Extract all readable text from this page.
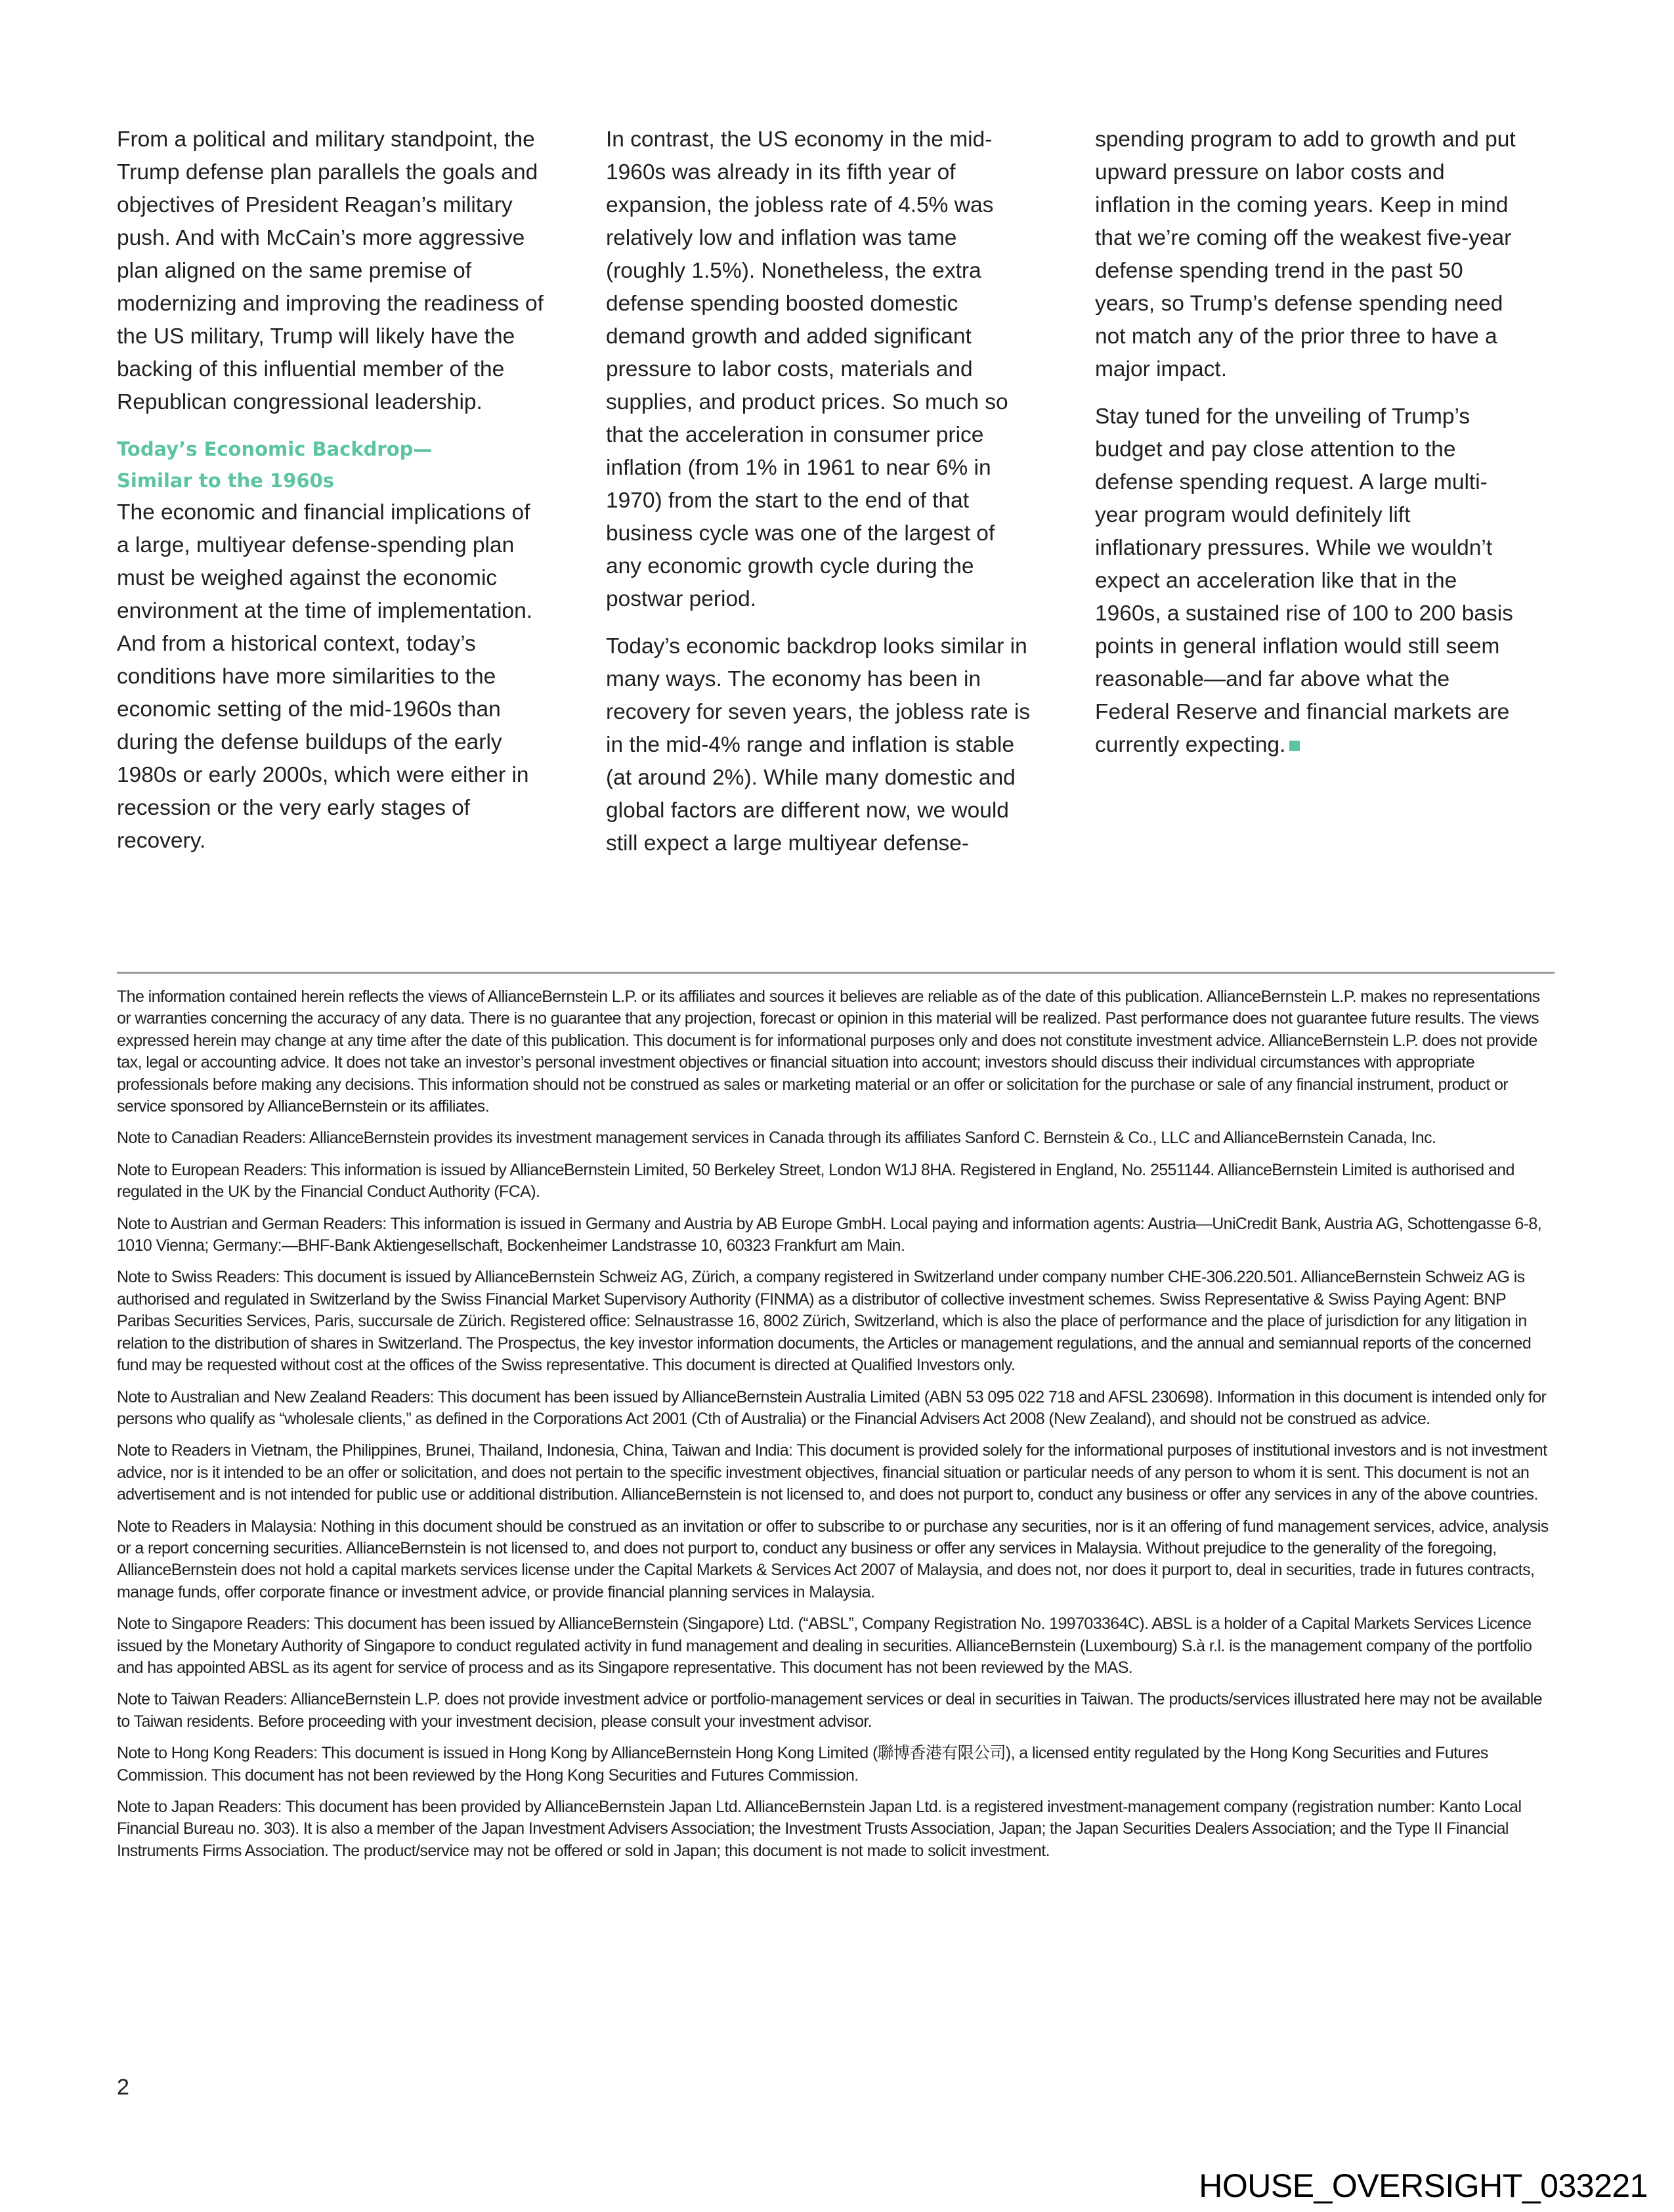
From a political and military standpoint, the Trump defense plan parallels the goals and objectives of President Reagan’s military push. And with McCain’s more aggressive plan aligned on the same premise of modernizing and improving the readiness of the US military, Trump will likely have the backing of this influential member of the Republican congressional leadership.

Today’s Economic Backdrop—
Similar to the 1960s

The economic and financial implications of a large, multiyear defense-spending plan must be weighed against the economic environment at the time of implementation. And from a historical context, today’s conditions have more similarities to the economic setting of the mid-1960s than during the defense buildups of the early 1980s or early 2000s, which were either in recession or the very early stages of recovery.

In contrast, the US economy in the mid-1960s was already in its fifth year of expansion, the jobless rate of 4.5% was relatively low and inflation was tame (roughly 1.5%). Nonetheless, the extra defense spending boosted domestic demand growth and added significant pressure to labor costs, materials and supplies, and product prices. So much so that the acceleration in consumer price inflation (from 1% in 1961 to near 6% in 1970) from the start to the end of that business cycle was one of the largest of any economic growth cycle during the postwar period.

Today’s economic backdrop looks similar in many ways. The economy has been in recovery for seven years, the jobless rate is in the mid-4% range and inflation is stable (at around 2%). While many domestic and global factors are different now, we would still expect a large multiyear defense-

spending program to add to growth and put upward pressure on labor costs and inflation in the coming years. Keep in mind that we’re coming off the weakest five-year defense spending trend in the past 50 years, so Trump’s defense spending need not match any of the prior three to have a major impact.

Stay tuned for the unveiling of Trump’s budget and pay close attention to the defense spending request. A large multi-year program would definitely lift inflationary pressures. While we wouldn’t expect an acceleration like that in the 1960s, a sustained rise of 100 to 200 basis points in general inflation would still seem reasonable—and far above what the Federal Reserve and financial markets are currently expecting.

The information contained herein reflects the views of AllianceBernstein L.P. or its affiliates and sources it believes are reliable as of the date of this publication. AllianceBernstein L.P. makes no representations or warranties concerning the accuracy of any data. There is no guarantee that any projection, forecast or opinion in this material will be realized. Past performance does not guarantee future results. The views expressed herein may change at any time after the date of this publication. This document is for informational purposes only and does not constitute investment advice. AllianceBernstein L.P. does not provide tax, legal or accounting advice. It does not take an investor’s personal investment objectives or financial situation into account; investors should discuss their individual circumstances with appropriate professionals before making any decisions. This information should not be construed as sales or marketing material or an offer or solicitation for the purchase or sale of any financial instrument, product or service sponsored by AllianceBernstein or its affiliates.

Note to Canadian Readers: AllianceBernstein provides its investment management services in Canada through its affiliates Sanford C. Bernstein & Co., LLC and AllianceBernstein Canada, Inc.

Note to European Readers: This information is issued by AllianceBernstein Limited, 50 Berkeley Street, London W1J 8HA. Registered in England, No. 2551144. AllianceBernstein Limited is authorised and regulated in the UK by the Financial Conduct Authority (FCA).

Note to Austrian and German Readers: This information is issued in Germany and Austria by AB Europe GmbH. Local paying and information agents: Austria—UniCredit Bank, Austria AG, Schottengasse 6-8, 1010 Vienna; Germany:—BHF-Bank Aktiengesellschaft, Bockenheimer Landstrasse 10, 60323 Frankfurt am Main.

Note to Swiss Readers: This document is issued by AllianceBernstein Schweiz AG, Zürich, a company registered in Switzerland under company number CHE-306.220.501. AllianceBernstein Schweiz AG is authorised and regulated in Switzerland by the Swiss Financial Market Supervisory Authority (FINMA) as a distributor of collective investment schemes. Swiss Representative & Swiss Paying Agent: BNP Paribas Securities Services, Paris, succursale de Zürich. Registered office: Selnaustrasse 16, 8002 Zürich, Switzerland, which is also the place of performance and the place of jurisdiction for any litigation in relation to the distribution of shares in Switzerland. The Prospectus, the key investor information documents, the Articles or management regulations, and the annual and semiannual reports of the concerned fund may be requested without cost at the offices of the Swiss representative. This document is directed at Qualified Investors only.

Note to Australian and New Zealand Readers: This document has been issued by AllianceBernstein Australia Limited (ABN 53 095 022 718 and AFSL 230698). Information in this document is intended only for persons who qualify as “wholesale clients,” as defined in the Corporations Act 2001 (Cth of Australia) or the Financial Advisers Act 2008 (New Zealand), and should not be construed as advice.

Note to Readers in Vietnam, the Philippines, Brunei, Thailand, Indonesia, China, Taiwan and India: This document is provided solely for the informational purposes of institutional investors and is not investment advice, nor is it intended to be an offer or solicitation, and does not pertain to the specific investment objectives, financial situation or particular needs of any person to whom it is sent. This document is not an advertisement and is not intended for public use or additional distribution. AllianceBernstein is not licensed to, and does not purport to, conduct any business or offer any services in any of the above countries.

Note to Readers in Malaysia: Nothing in this document should be construed as an invitation or offer to subscribe to or purchase any securities, nor is it an offering of fund management services, advice, analysis or a report concerning securities. AllianceBernstein is not licensed to, and does not purport to, conduct any business or offer any services in Malaysia. Without prejudice to the generality of the foregoing, AllianceBernstein does not hold a capital markets services license under the Capital Markets & Services Act 2007 of Malaysia, and does not, nor does it purport to, deal in securities, trade in futures contracts, manage funds, offer corporate finance or investment advice, or provide financial planning services in Malaysia.

Note to Singapore Readers: This document has been issued by AllianceBernstein (Singapore) Ltd. (“ABSL”, Company Registration No. 199703364C). ABSL is a holder of a Capital Markets Services Licence issued by the Monetary Authority of Singapore to conduct regulated activity in fund management and dealing in securities. AllianceBernstein (Luxembourg) S.à r.l. is the management company of the portfolio and has appointed ABSL as its agent for service of process and as its Singapore representative. This document has not been reviewed by the MAS.

Note to Taiwan Readers: AllianceBernstein L.P. does not provide investment advice or portfolio-management services or deal in securities in Taiwan. The products/services illustrated here may not be available to Taiwan residents. Before proceeding with your investment decision, please consult your investment advisor.

Note to Hong Kong Readers: This document is issued in Hong Kong by AllianceBernstein Hong Kong Limited (聯博香港有限公司), a licensed entity regulated by the Hong Kong Securities and Futures Commission. This document has not been reviewed by the Hong Kong Securities and Futures Commission.

Note to Japan Readers: This document has been provided by AllianceBernstein Japan Ltd. AllianceBernstein Japan Ltd. is a registered investment-management company (registration number: Kanto Local Financial Bureau no. 303). It is also a member of the Japan Investment Advisers Association; the Investment Trusts Association, Japan; the Japan Securities Dealers Association; and the Type II Financial Instruments Firms Association. The product/service may not be offered or sold in Japan; this document is not made to solicit investment.

2
HOUSE_OVERSIGHT_033221
